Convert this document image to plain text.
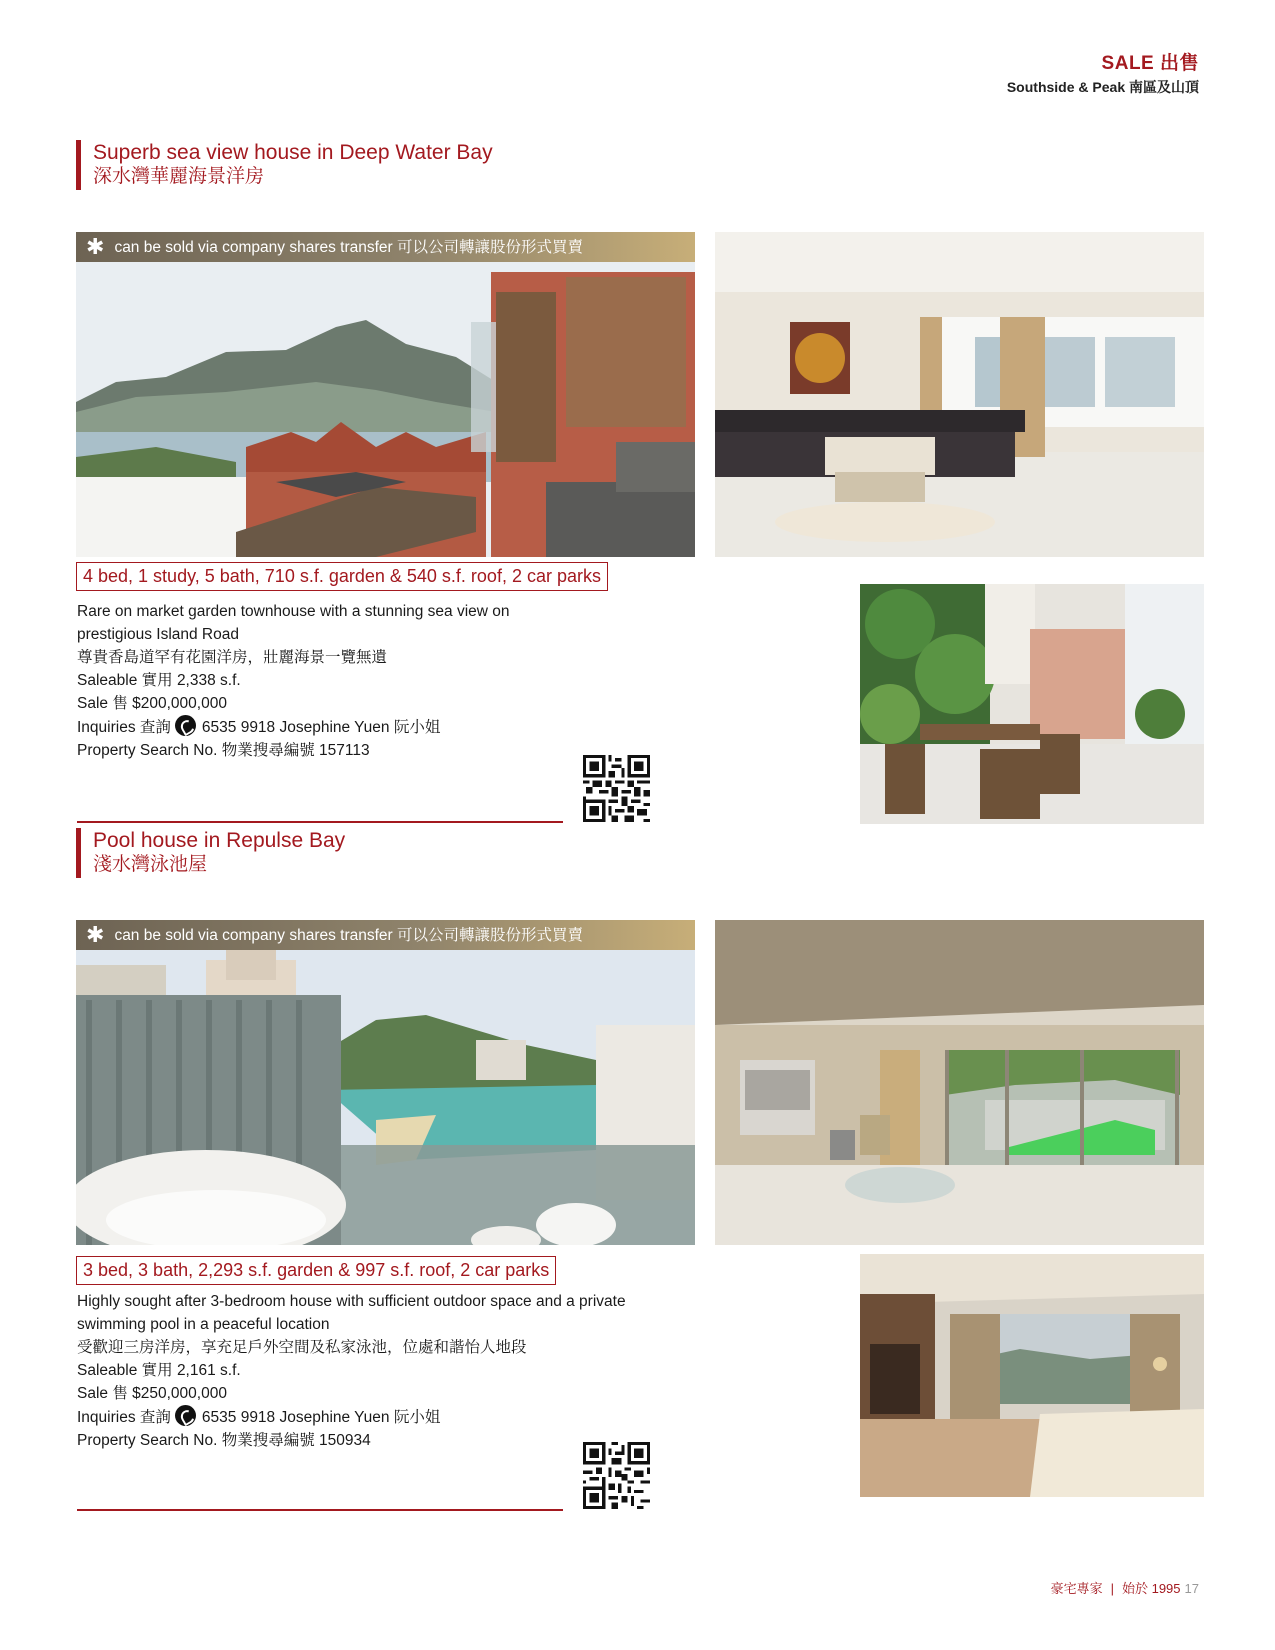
SALE 出售
Southside & Peak 南區及山頂
Superb sea view house in Deep Water Bay
深水灣華麗海景洋房
✱ can be sold via company shares transfer 可以公司轉讓股份形式買賣
4 bed, 1 study, 5 bath, 710 s.f. garden & 540 s.f. roof, 2 car parks
Rare on market garden townhouse with a stunning sea view on prestigious Island Road
尊貴香島道罕有花園洋房，壯麗海景一覽無遺
Saleable 實用 2,338 s.f.
Sale 售 $200,000,000
Inquiries 查詢 6535 9918 Josephine Yuen 阮小姐
Property Search No. 物業搜尋編號 157113
Pool house in Repulse Bay
淺水灣泳池屋
✱ can be sold via company shares transfer 可以公司轉讓股份形式買賣
3 bed, 3 bath, 2,293 s.f. garden & 997 s.f. roof, 2 car parks
Highly sought after 3-bedroom house with sufficient outdoor space and a private swimming pool in a peaceful location
受歡迎三房洋房，享充足戶外空間及私家泳池，位處和諧怡人地段
Saleable 實用 2,161 s.f.
Sale 售 $250,000,000
Inquiries 查詢 6535 9918 Josephine Yuen 阮小姐
Property Search No. 物業搜尋編號 150934
豪宅專家 | 始於 1995 17
